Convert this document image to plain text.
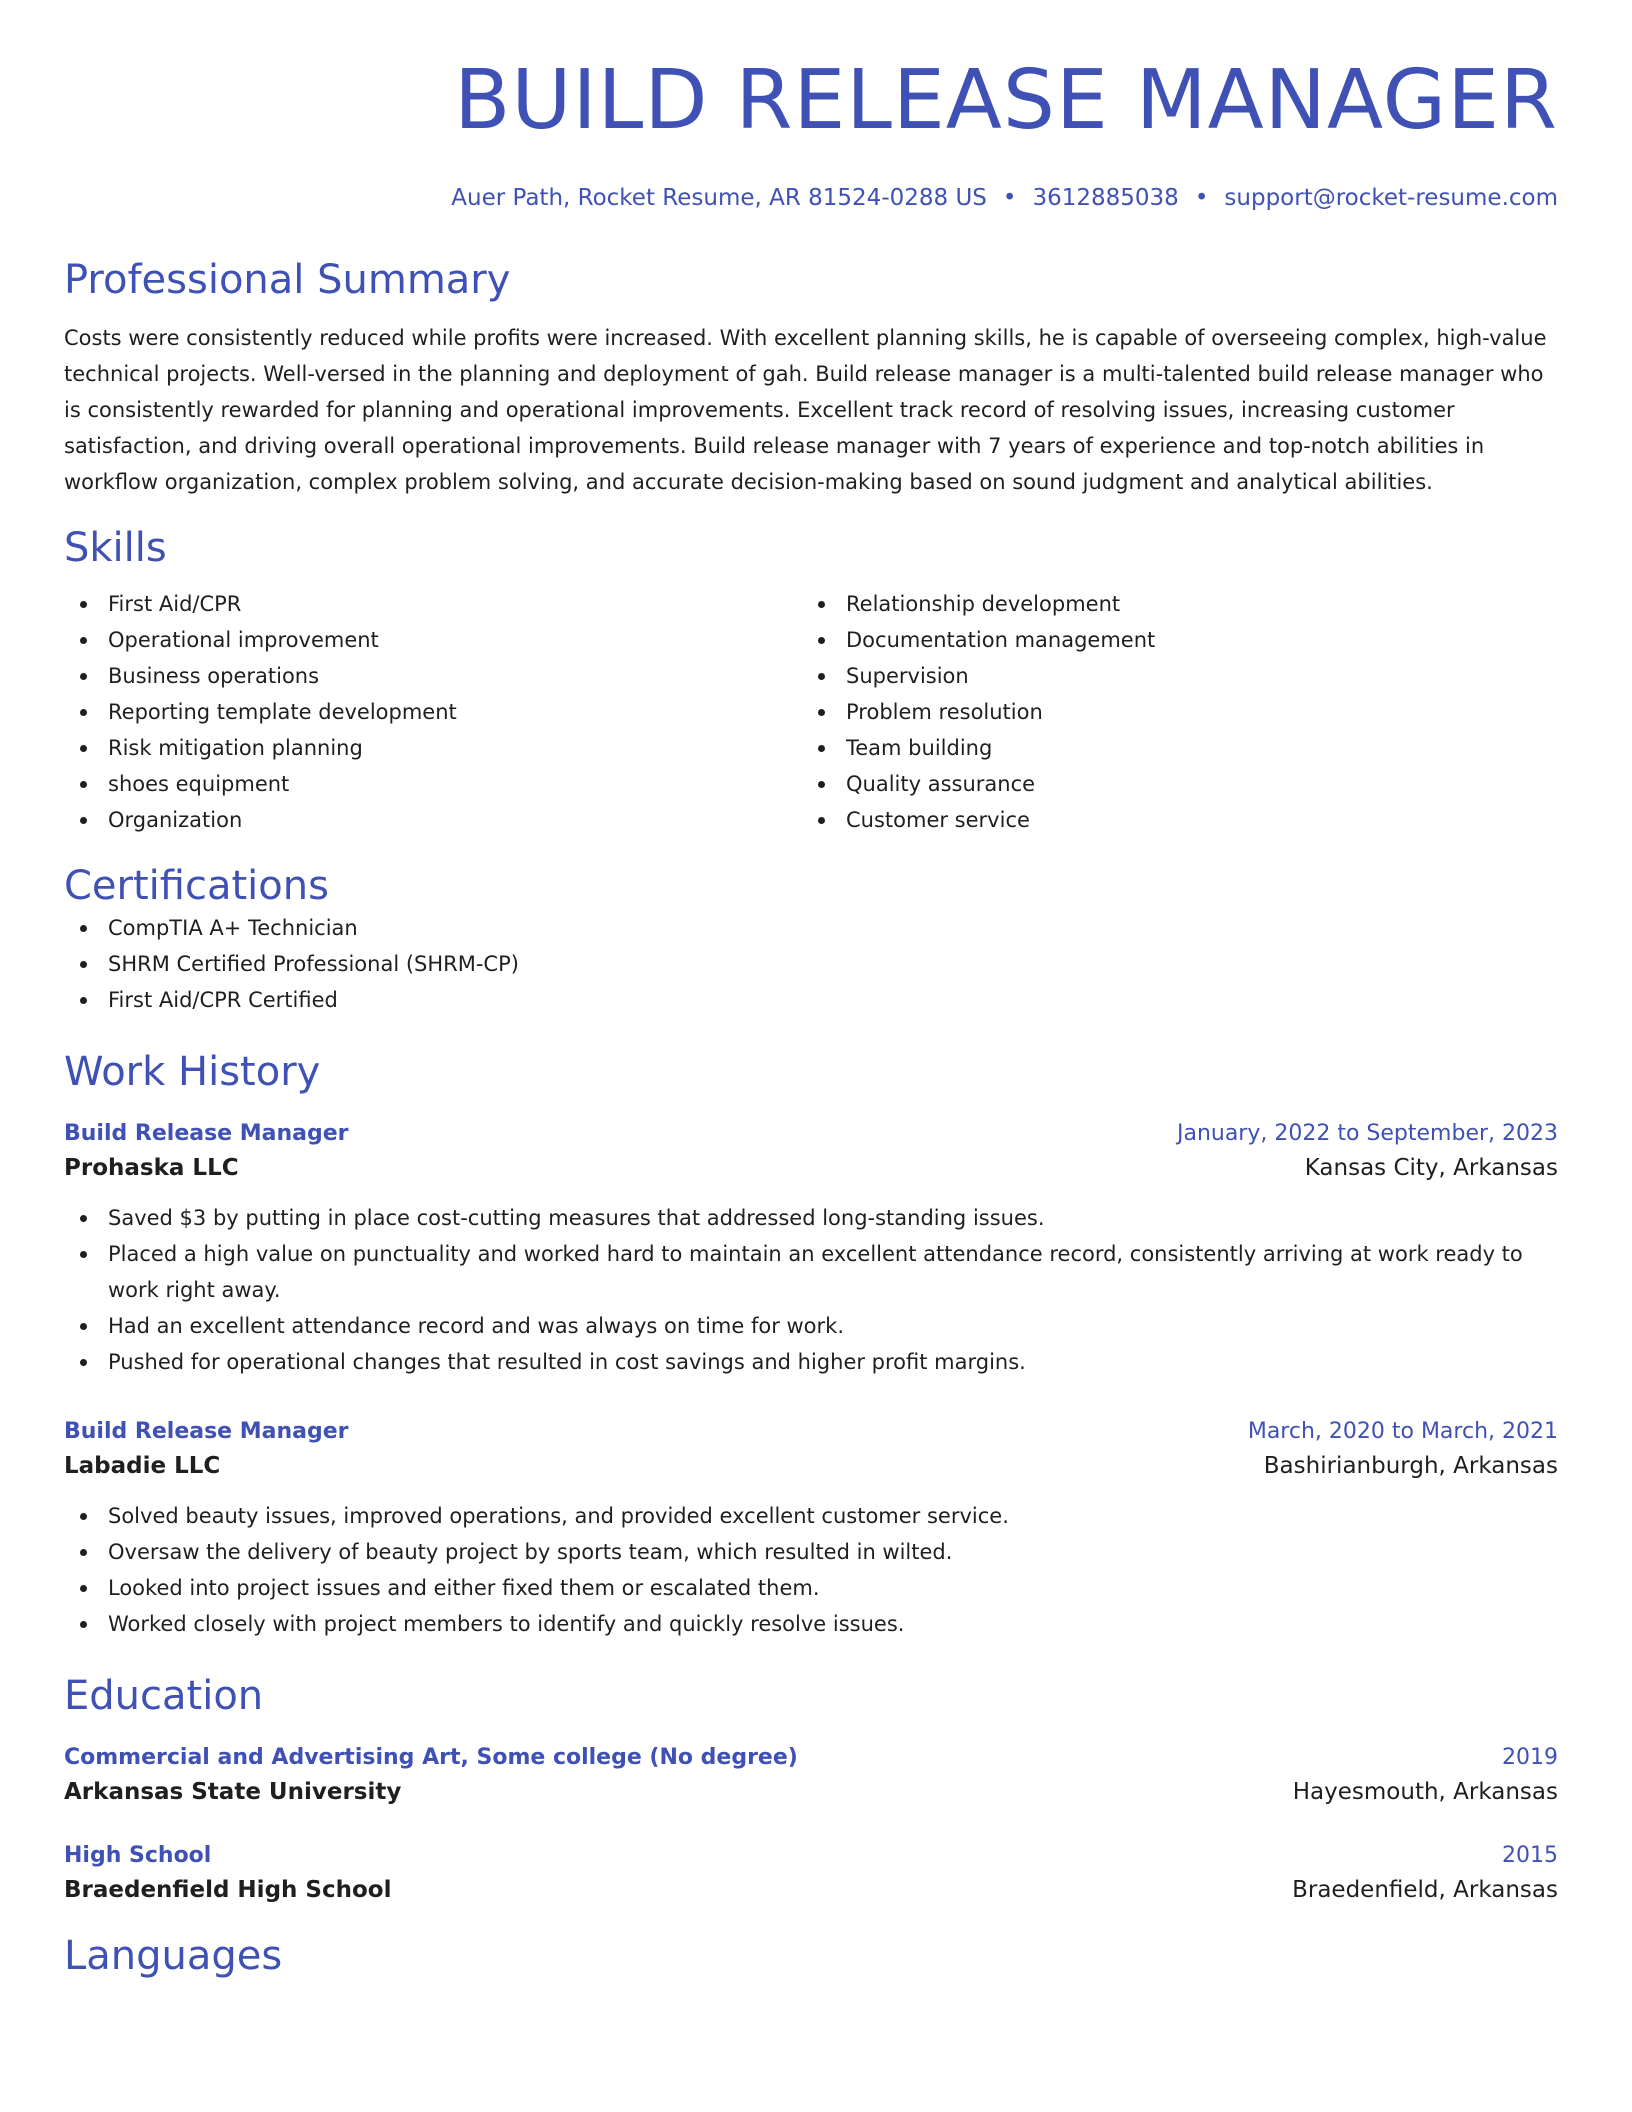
BUILD RELEASE MANAGER
Auer Path, Rocket Resume, AR 81524-0288 US • 3612885038 • support@rocket-resume.com
Professional Summary

Costs were consistently reduced while profits were increased. With excellent planning skills, he is capable of overseeing complex, high-value technical projects. Well-versed in the planning and deployment of gah. Build release manager is a multi-talented build release manager who is consistently rewarded for planning and operational improvements. Excellent track record of resolving issues, increasing customer satisfaction, and driving overall operational improvements. Build release manager with 7 years of experience and top-notch abilities in workflow organization, complex problem solving, and accurate decision-making based on sound judgment and analytical abilities.

Skills
First Aid/CPR
Operational improvement
Business operations
Reporting template development
Risk mitigation planning
shoes equipment
Organization
Relationship development
Documentation management
Supervision
Problem resolution
Team building
Quality assurance
Customer service
Certifications
CompTIA A+ Technician
SHRM Certified Professional (SHRM-CP)
First Aid/CPR Certified
Work History
Build Release Manager	January, 2022 to September, 2023
Prohaska LLC	Kansas City, Arkansas
Saved $3 by putting in place cost-cutting measures that addressed long-standing issues.
Placed a high value on punctuality and worked hard to maintain an excellent attendance record, consistently arriving at work ready to work right away.
Had an excellent attendance record and was always on time for work.
Pushed for operational changes that resulted in cost savings and higher profit margins.
Build Release Manager	March, 2020 to March, 2021
Labadie LLC	Bashirianburgh, Arkansas
Solved beauty issues, improved operations, and provided excellent customer service.
Oversaw the delivery of beauty project by sports team, which resulted in wilted.
Looked into project issues and either fixed them or escalated them.
Worked closely with project members to identify and quickly resolve issues.
Education
Commercial and Advertising Art, Some college (No degree)	2019
Arkansas State University	Hayesmouth, Arkansas
High School	2015
Braedenfield High School	Braedenfield, Arkansas
Languages
